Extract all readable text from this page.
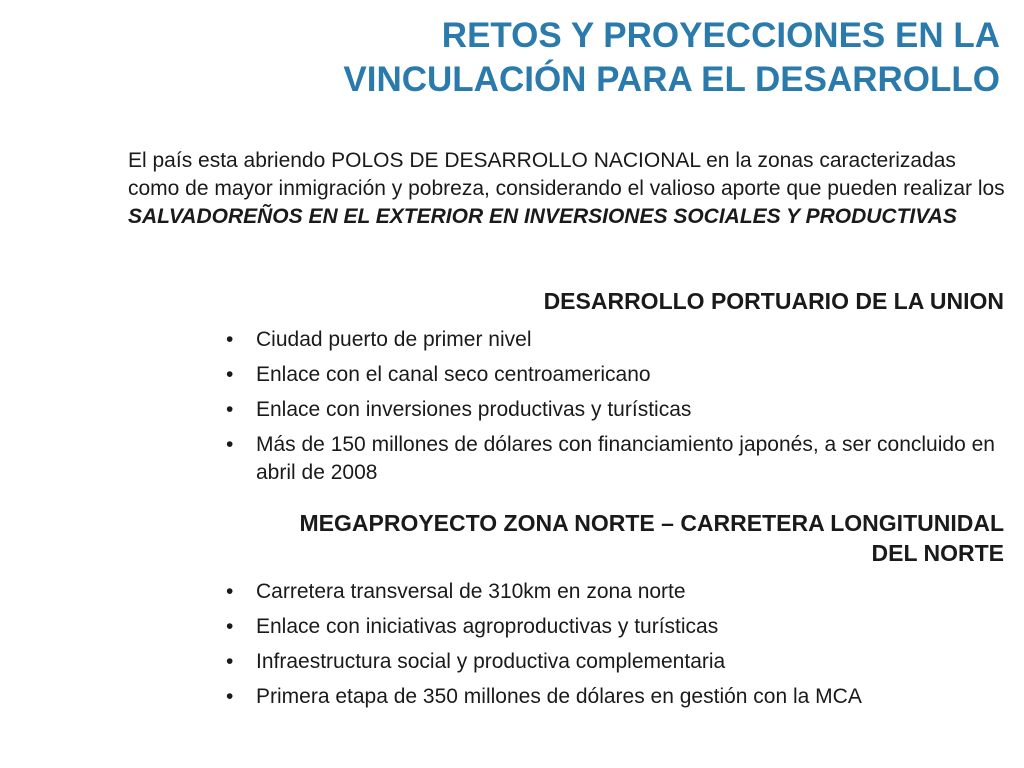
RETOS Y PROYECCIONES EN LA
VINCULACIÓN PARA EL DESARROLLO

El país esta abriendo POLOS DE DESARROLLO NACIONAL en la zonas caracterizadas como de mayor inmigración y pobreza, considerando el valioso aporte que pueden realizar los SALVADOREÑOS EN EL EXTERIOR EN INVERSIONES SOCIALES Y PRODUCTIVAS

DESARROLLO PORTUARIO DE LA UNION
•	Ciudad puerto de primer nivel
•	Enlace con el canal seco centroamericano
•	Enlace con inversiones productivas y turísticas
•	Más de 150 millones de dólares con financiamiento japonés, a ser concluido en abril de 2008
MEGAPROYECTO ZONA NORTE – CARRETERA LONGITUNIDAL
DEL NORTE
•	Carretera transversal de 310km en zona norte
•	Enlace con iniciativas agroproductivas y turísticas
•	Infraestructura social y productiva complementaria
•	Primera etapa de 350 millones de dólares en gestión con la MCA
